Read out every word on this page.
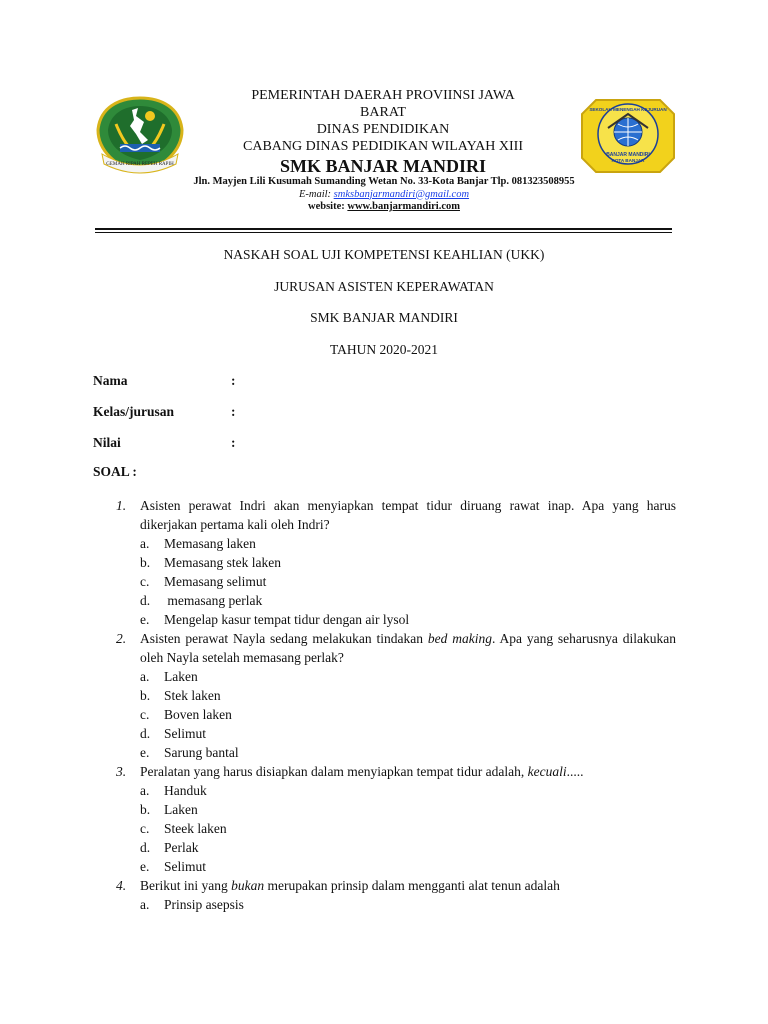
GEMAH RIPAH REPEH RAPIH
SEKOLAH MENENGAH KEJURUAN
BANJAR MANDIRI
KOTA BANJAR
PEMERINTAH DAERAH PROVIINSI JAWA
BARAT
DINAS PENDIDIKAN
CABANG DINAS PEDIDIKAN WILAYAH XIII
SMK BANJAR MANDIRI
Jln. Mayjen Lili Kusumah Sumanding Wetan No. 33-Kota Banjar Tlp. 081323508955
E-mail: smksbanjarmandiri@gmail.com
website: www.banjarmandiri.com
NASKAH SOAL UJI KOMPETENSI KEAHLIAN (UKK)
JURUSAN ASISTEN KEPERAWATAN
SMK BANJAR MANDIRI
TAHUN 2020-2021
Nama	:
Kelas/jurusan	:
Nilai	:
SOAL :
1.	Asisten perawat Indri akan menyiapkan tempat tidur diruang rawat inap. Apa yang harus dikerjakan pertama kali oleh Indri?
a.	Memasang laken
b.	Memasang stek laken
c.	Memasang selimut
d.	memasang perlak
e.	Mengelap kasur tempat tidur dengan air lysol
2.	Asisten perawat Nayla sedang melakukan tindakan bed making. Apa yang seharusnya dilakukan oleh Nayla setelah memasang perlak?
a.	Laken
b.	Stek laken
c.	Boven laken
d.	Selimut
e.	Sarung bantal
3.	Peralatan yang harus disiapkan dalam menyiapkan tempat tidur adalah, kecuali.....
a.	Handuk
b.	Laken
c.	Steek laken
d.	Perlak
e.	Selimut
4.	Berikut ini yang bukan merupakan prinsip dalam mengganti alat tenun adalah
a.	Prinsip asepsis
